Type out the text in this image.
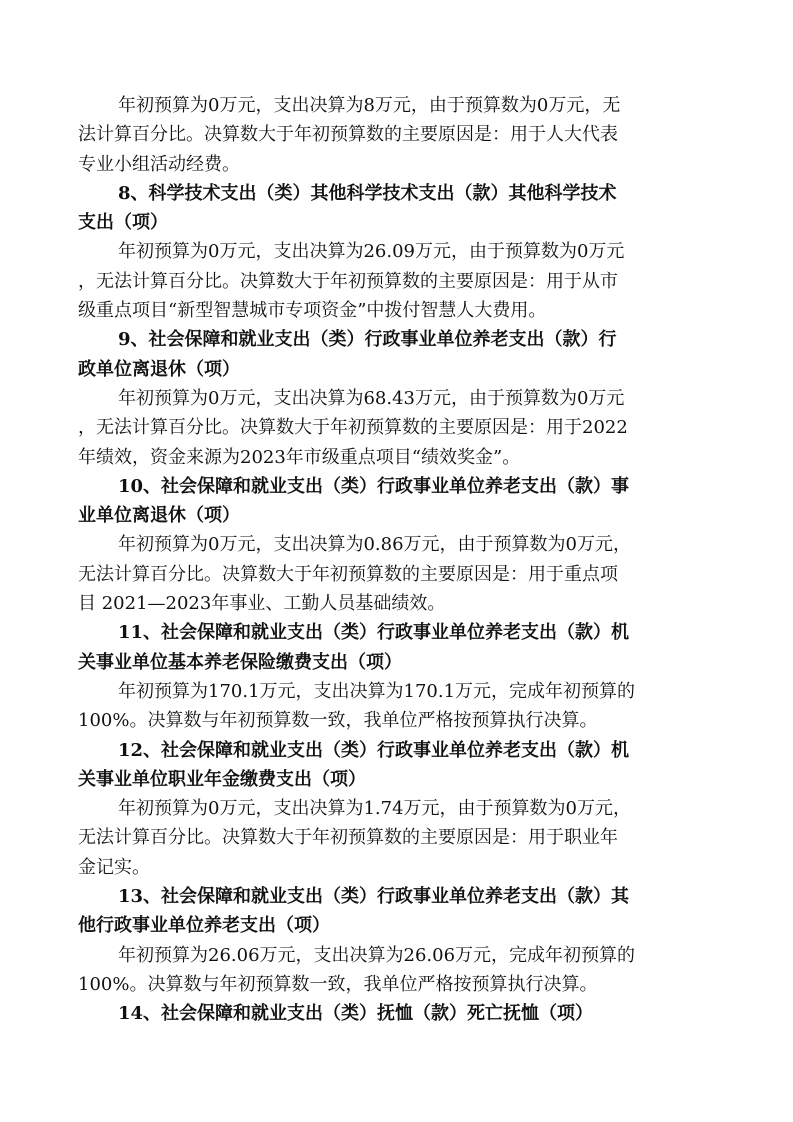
年初预算为0万元，支出决算为8万元，由于预算数为0万元，无
法计算百分比。决算数大于年初预算数的主要原因是：用于人大代表
专业小组活动经费。

8、科学技术支出（类）其他科学技术支出（款）其他科学技术
支出（项）

年初预算为0万元，支出决算为26.09万元，由于预算数为0万元
，无法计算百分比。决算数大于年初预算数的主要原因是：用于从市
级重点项目“新型智慧城市专项资金”中拨付智慧人大费用。

9、社会保障和就业支出（类）行政事业单位养老支出（款）行
政单位离退休（项）

年初预算为0万元，支出决算为68.43万元，由于预算数为0万元
，无法计算百分比。决算数大于年初预算数的主要原因是：用于2022
年绩效，资金来源为2023年市级重点项目“绩效奖金”。

10、社会保障和就业支出（类）行政事业单位养老支出（款）事
业单位离退休（项）

年初预算为0万元，支出决算为0.86万元，由于预算数为0万元，
无法计算百分比。决算数大于年初预算数的主要原因是：用于重点项
目 2021—2023年事业、工勤人员基础绩效。

11、社会保障和就业支出（类）行政事业单位养老支出（款）机
关事业单位基本养老保险缴费支出（项）

年初预算为170.1万元，支出决算为170.1万元，完成年初预算的
100%。决算数与年初预算数一致，我单位严格按预算执行决算。

12、社会保障和就业支出（类）行政事业单位养老支出（款）机
关事业单位职业年金缴费支出（项）

年初预算为0万元，支出决算为1.74万元，由于预算数为0万元，
无法计算百分比。决算数大于年初预算数的主要原因是：用于职业年
金记实。

13、社会保障和就业支出（类）行政事业单位养老支出（款）其
他行政事业单位养老支出（项）

年初预算为26.06万元，支出决算为26.06万元，完成年初预算的
100%。决算数与年初预算数一致，我单位严格按预算执行决算。

14、社会保障和就业支出（类）抚恤（款）死亡抚恤（项）
